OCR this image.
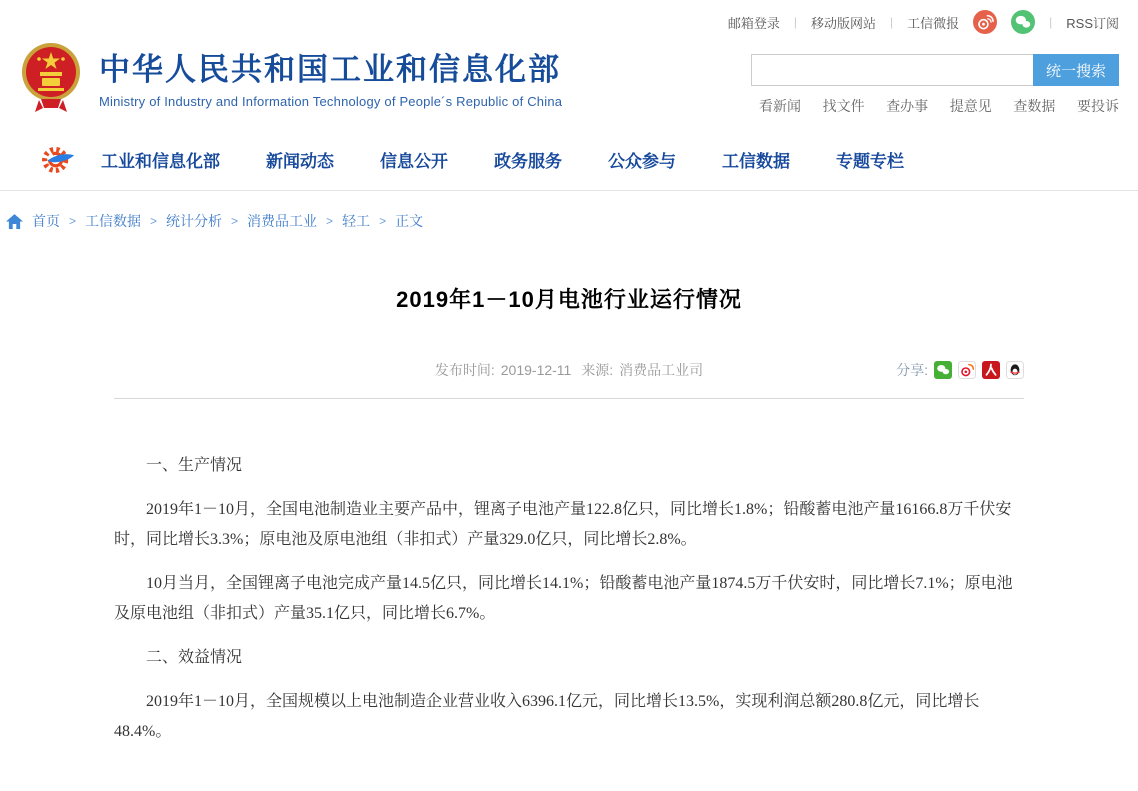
邮箱登录 | 移动版网站 | 工信微报	| RSS订阅
中华人民共和国工业和信息化部
Ministry of Industry and Information Technology of People´s Republic of China
统一搜索
看新闻 找文件 查办事 提意见 查数据 要投诉
工业和信息化部	新闻动态	信息公开	政务服务	公众参与	工信数据	专题专栏
首页 > 工信数据 > 统计分析 > 消费品工业 > 轻工 > 正文
2019年1－10月电池行业运行情况
发布时间: 2019-12-11 来源: 消费品工业司	分享:

一、生产情况

2019年1－10月，全国电池制造业主要产品中，锂离子电池产量122.8亿只，同比增长1.8%；铅酸蓄电池产量16166.8万千伏安时，同比增长3.3%；原电池及原电池组（非扣式）产量329.0亿只，同比增长2.8%。

10月当月，全国锂离子电池完成产量14.5亿只，同比增长14.1%；铅酸蓄电池产量1874.5万千伏安时，同比增长7.1%；原电池及原电池组（非扣式）产量35.1亿只，同比增长6.7%。

二、效益情况

2019年1－10月，全国规模以上电池制造企业营业收入6396.1亿元，同比增长13.5%，实现利润总额280.8亿元，同比增长48.4%。
